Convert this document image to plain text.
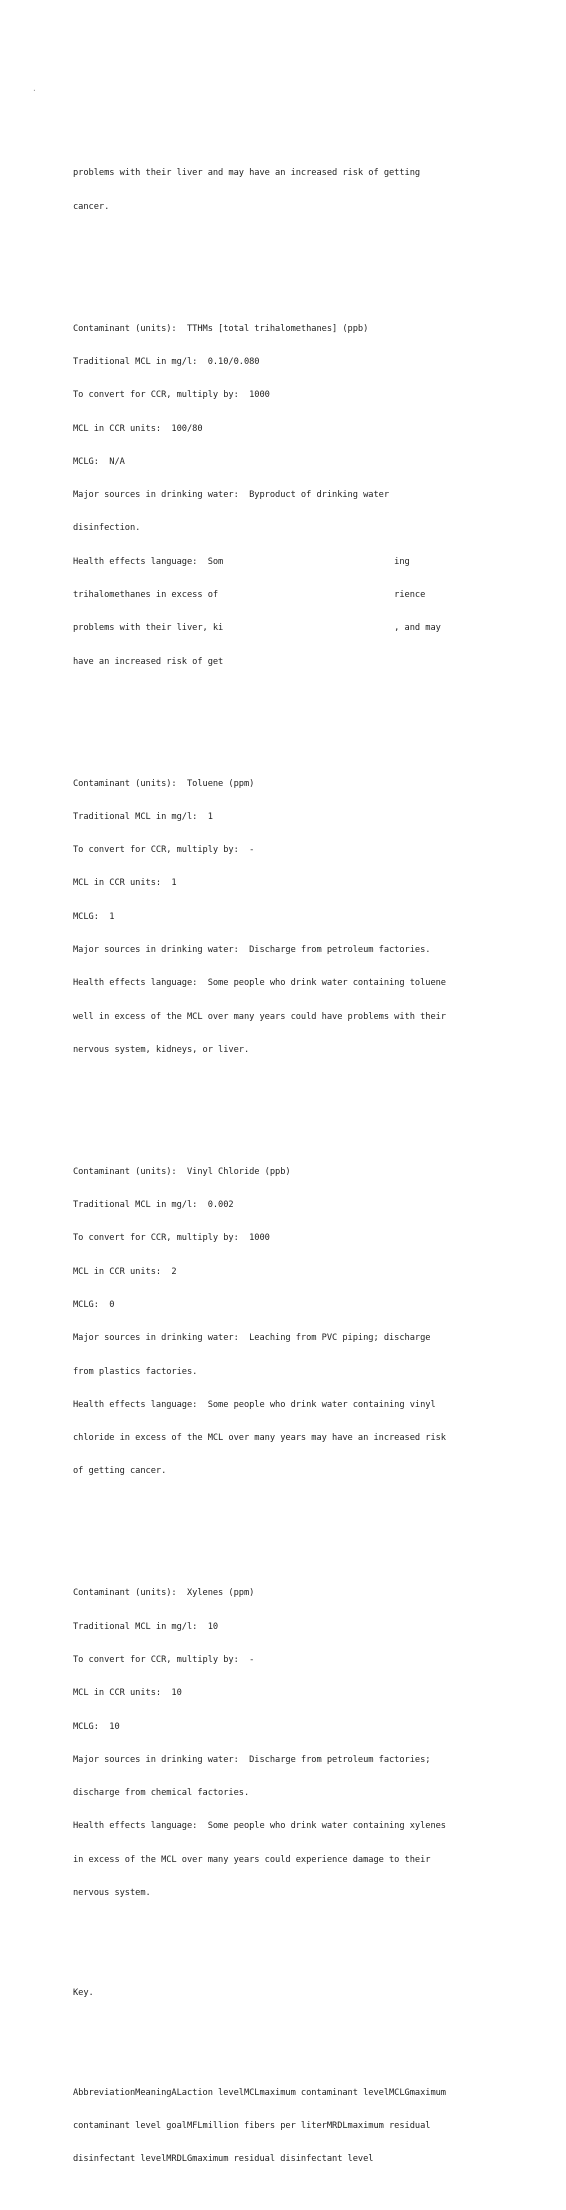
·

problems with their liver and may have an increased risk of getting

cancer.

Contaminant (units):  TTHMs [total trihalomethanes] (ppb)

Traditional MCL in mg/l:  0.10/0.080

To convert for CCR, multiply by:  1000

MCL in CCR units:  100/80

MCLG:  N/A

Major sources in drinking water:  Byproduct of drinking water

disinfection.

Health effects language:  Som                                 ing

trihalomethanes in excess of                                  rience

problems with their liver, ki                                 , and may

have an increased risk of get

Contaminant (units):  Toluene (ppm)

Traditional MCL in mg/l:  1

To convert for CCR, multiply by:  -

MCL in CCR units:  1

MCLG:  1

Major sources in drinking water:  Discharge from petroleum factories.

Health effects language:  Some people who drink water containing toluene

well in excess of the MCL over many years could have problems with their

nervous system, kidneys, or liver.

Contaminant (units):  Vinyl Chloride (ppb)

Traditional MCL in mg/l:  0.002

To convert for CCR, multiply by:  1000

MCL in CCR units:  2

MCLG:  0

Major sources in drinking water:  Leaching from PVC piping; discharge

from plastics factories.

Health effects language:  Some people who drink water containing vinyl

chloride in excess of the MCL over many years may have an increased risk

of getting cancer.

Contaminant (units):  Xylenes (ppm)

Traditional MCL in mg/l:  10

To convert for CCR, multiply by:  -

MCL in CCR units:  10

MCLG:  10

Major sources in drinking water:  Discharge from petroleum factories;

discharge from chemical factories.

Health effects language:  Some people who drink water containing xylenes

in excess of the MCL over many years could experience damage to their

nervous system.

Key.

AbbreviationMeaningALaction levelMCLmaximum contaminant levelMCLGmaximum

contaminant level goalMFLmillion fibers per literMRDLmaximum residual

disinfectant levelMRDLGmaximum residual disinfectant level
